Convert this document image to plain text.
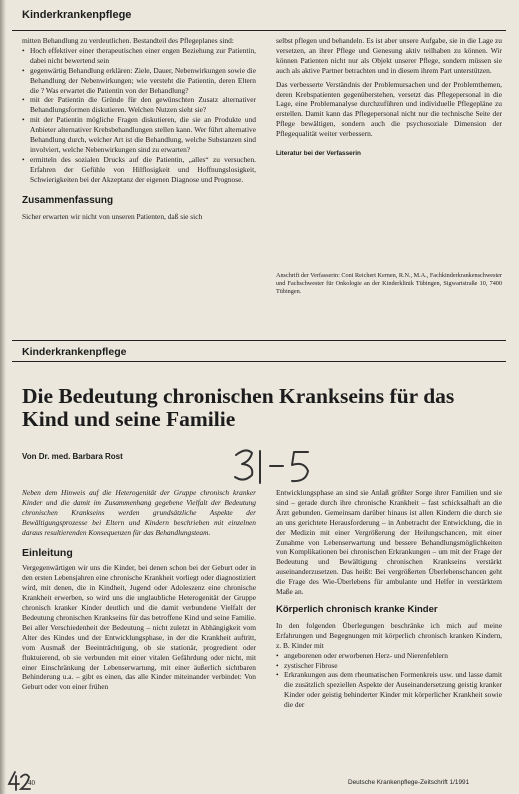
Kinderkrankenpflege

mitten Behandlung zu verdeutlichen. Bestandteil des Pflegeplanes sind:

• Hoch effektiver einer therapeutischen einer engen Beziehung zur Patientin, dabei nicht bewertend sein
• gegenwärtig Behandlung erklären: Ziele, Dauer, Nebenwirkungen sowie die Behandlung der Nebenwirkungen; wie versteht die Patientin, deren Eltern die ? Was erwartet die Patientin von der Behandlung?
• mit der Patientin die Gründe für den gewünschten Zusatz alternativer Behandlungsformen diskutieren. Welchen Nutzen sieht sie?
• mit der Patientin mögliche Fragen diskutieren, die sie an Produkte und Anbieter alternativer Krebsbehandlungen stellen kann. Wer führt alternative Behandlung durch, welcher Art ist die Behandlung, welche Substanzen sind involviert, welche Nebenwirkungen sind zu erwarten?
• ermitteln des sozialen Drucks auf die Patientin, „alles“ zu versuchen. Erfahren der Gefühle von Hilflosigkeit und Hoffnungslosigkeit, Schwierigkeiten bei der Akzeptanz der eigenen Diagnose und Prognose.

Zusammenfassung

Sicher erwarten wir nicht von unseren Patienten, daß sie sich

selbst pflegen und behandeln. Es ist aber unsere Aufgabe, sie in die Lage zu versetzen, an ihrer Pflege und Genesung aktiv teilhaben zu können. Wir können Patienten nicht nur als Objekt unserer Pflege, sondern müssen sie auch als aktive Partner betrachten und in diesem ihrem Part unterstützen.

Das verbesserte Verständnis der Problemursachen und der Problemthemen, deren Krebspatienten gegenüberstehen, versetzt das Pflegepersonal in die Lage, eine Problemanalyse durchzuführen und individuelle Pflegepläne zu erstellen. Damit kann das Pflegepersonal nicht nur die technische Seite der Pflege bewältigen, sondern auch die psychosoziale Dimension der Pflegequalität weiter verbessern.

Literatur bei der Verfasserin

Anschrift der Verfasserin: Coni Reichert Kernen, R.N., M.A., Fachkinderkrankenschwester und Fachschwester für Onkologie an der Kinderklinik Tübingen, Sigwartstraße 10, 7400 Tübingen.
Kinderkrankenpflege
Die Bedeutung chronischen Krankseins für das Kind und seine Familie
Von Dr. med. Barbara Rost

Neben dem Hinweis auf die Heterogenität der Gruppe chronisch kranker Kinder und die damit im Zusammenhang gegebene Vielfalt der Bedeutung chronischen Krankseins werden grundsätzliche Aspekte der Bewältigungsprozesse bei Eltern und Kindern beschrieben mit einzelnen daraus resultierenden Konsequenzen für das Behandlungsteam.

Einleitung

Vergegenwärtigen wir uns die Kinder, bei denen schon bei der Geburt oder in den ersten Lebensjahren eine chronische Krankheit vorliegt oder diagnostiziert wird, mit denen, die in Kindheit, Jugend oder Adoleszenz eine chronische Krankheit erwerben, so wird uns die unglaubliche Heterogenität der Gruppe chronisch kranker Kinder deutlich und die damit verbundene Vielfalt der Bedeutung chronischen Krankseins für das betroffene Kind und seine Familie. Bei aller Verschiedenheit der Bedeutung – nicht zuletzt in Abhängigkeit vom Alter des Kindes und der Entwicklungsphase, in der die Krankheit auftritt, vom Ausmaß der Beeinträchtigung, ob sie stationär, progredient oder fluktuierend, ob sie verbunden mit einer vitalen Gefährdung oder nicht, mit einer Einschränkung der Lebenserwartung, mit einer äußerlich sichtbaren Behinderung u.a. – gibt es einen, das alle Kinder miteinander verbindet: Von Geburt oder von einer frühen

Entwicklungsphase an sind sie Anlaß größter Sorge ihrer Familien und sie sind – gerade durch ihre chronische Krankheit – fast schicksalhaft an die Ärzt gebunden. Gemeinsam darüber hinaus ist allen Kindern die durch sie an uns gerichtete Herausforderung – in Anbetracht der Entwicklung, die in der Medizin mit einer Vergrößerung der Heilungschancen, mit einer Zunahme von Lebenserwartung und bessere Behandlungsmöglichkeiten von Komplikationen bei chronischen Erkrankungen – um mit der Frage der Bedeutung und Bewältigung chronischen Krankseins verstärkt auseinanderzusetzen. Das heißt: Bei vergrößerten Überlebenschancen geht die Frage des Wie-Überlebens für ambulante und Helfer in verstärktem Maße an.

Körperlich chronisch kranke Kinder

In den folgenden Überlegungen beschränke ich mich auf meine Erfahrungen und Begegnungen mit körperlich chronisch kranken Kindern, z. B. Kinder mit

• angeborenen oder erworbenen Herz- und Nierenfehlern
• zystischer Fibrose
• Erkrankungen aus dem rheumatischen Formenkreis usw. und lasse damit die zusätzlich speziellen Aspekte der Auseinandersetzung geistig kranker Kinder oder geistig behinderter Kinder mit körperlicher Krankheit sowie die der
40	Deutsche Krankenpflege-Zeitschrift 1/1991
